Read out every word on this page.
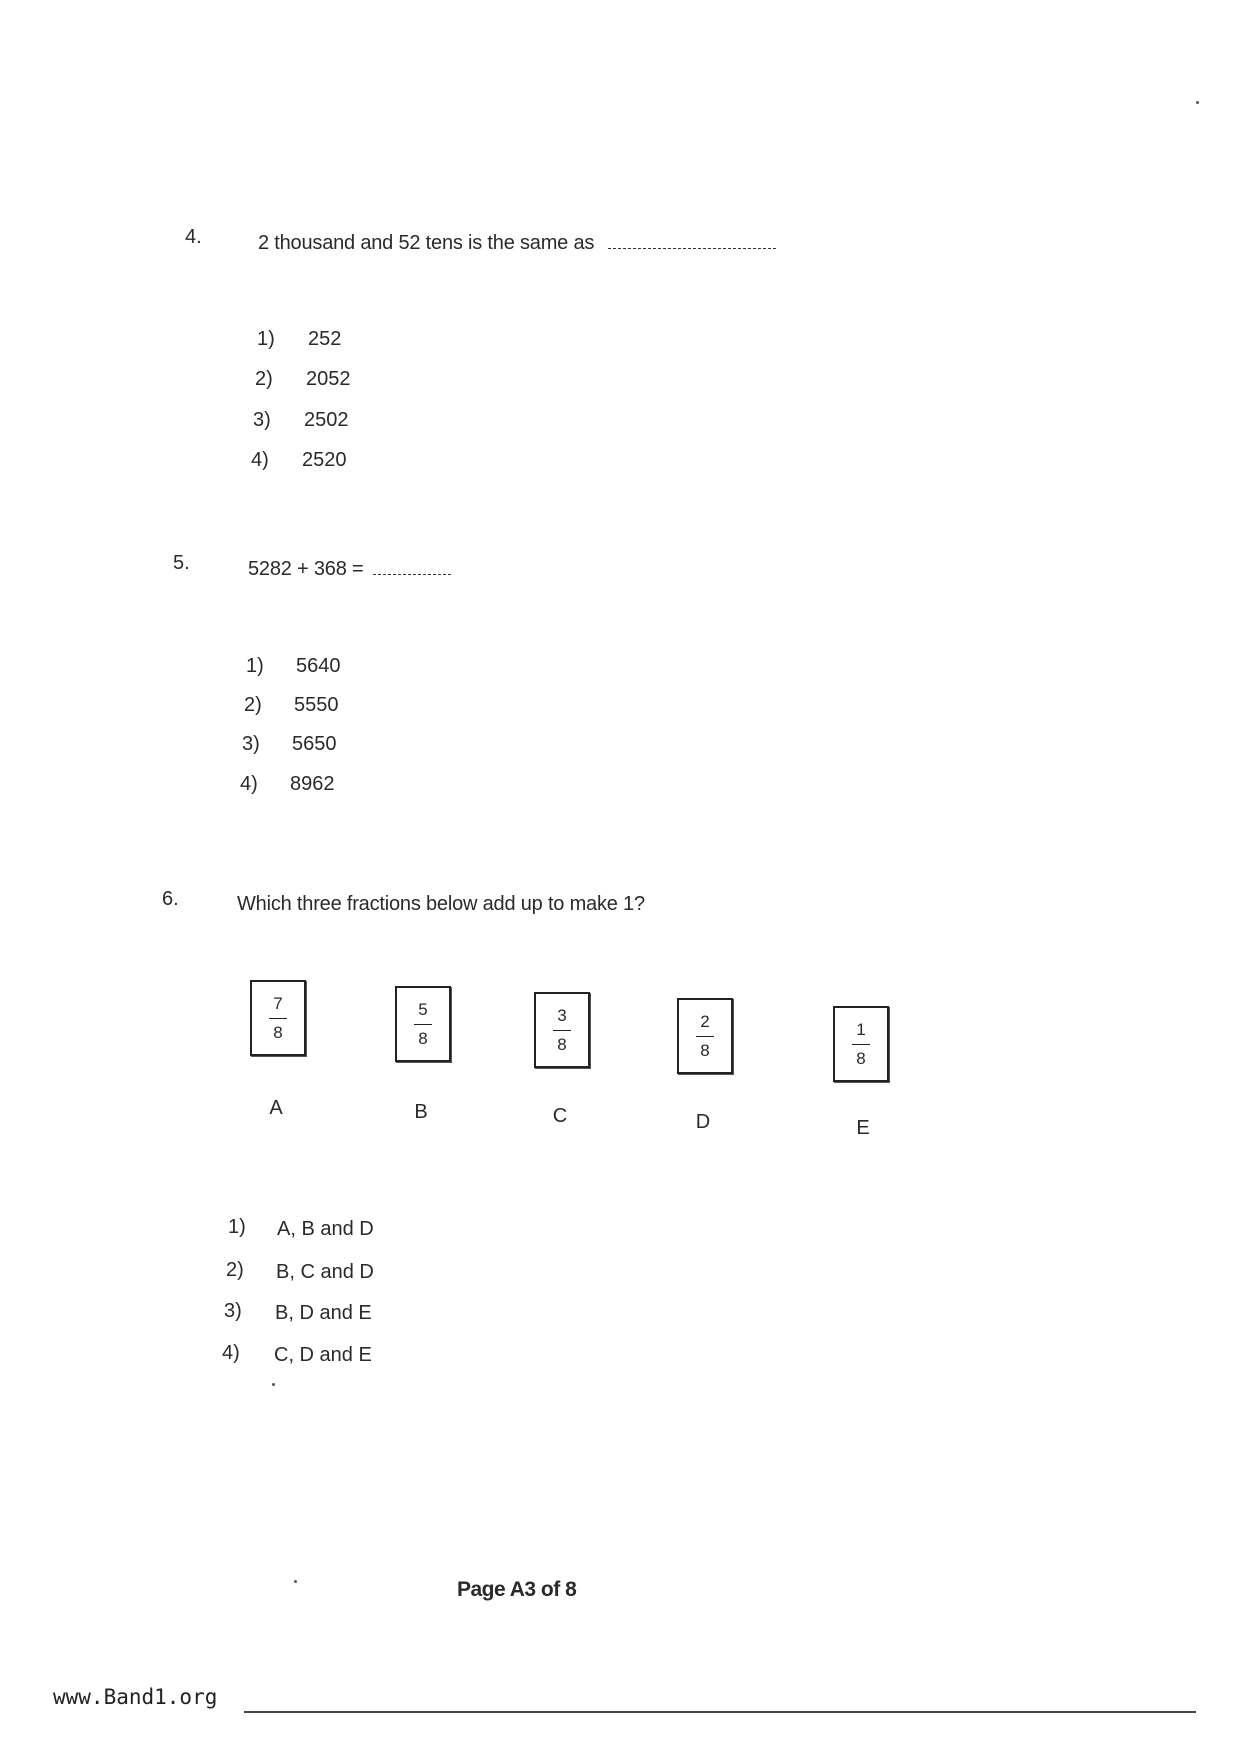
4.	2 thousand and 52 tens is the same as
1) 252
2) 2052
3) 2502
4) 2520
5.	5282 + 368 =
1) 5640
2) 5550
3) 5650
4) 8962
6.	Which three fractions below add up to make 1?
7
8
A
5
8
B
3
8
C
2
8
D
1
8
E
1) A, B and D
2) B, C and D
3) B, D and E
4) C, D and E
Page A3 of 8
www.Band1.org
